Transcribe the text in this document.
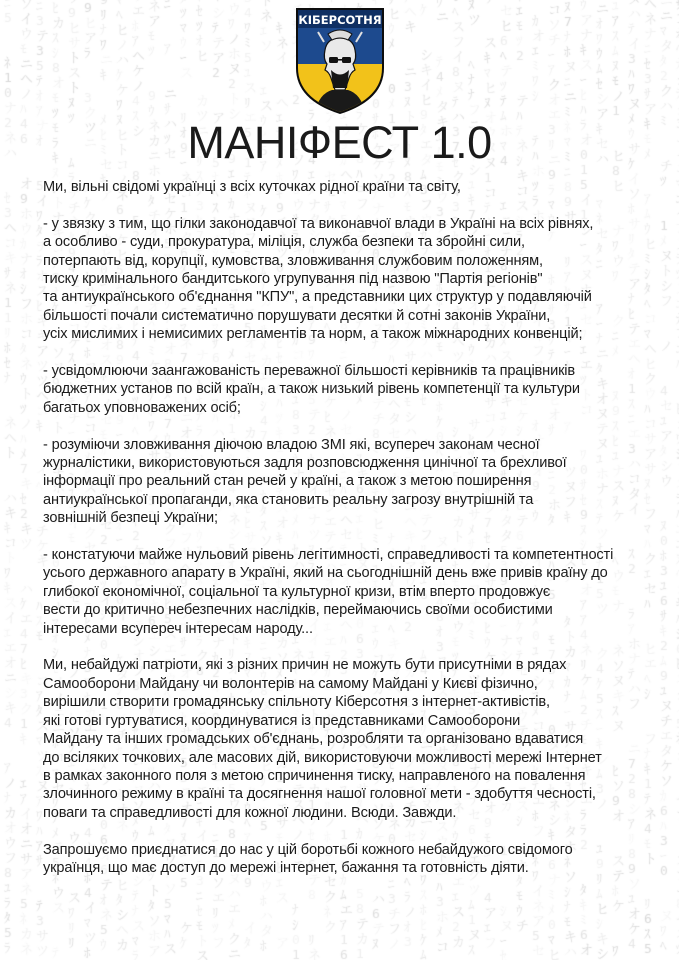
КІБЕРСОТНЯ
МАНІФЕСТ 1.0

Ми, вільні свідомі українці з всіх куточках рідної країни та світу,

- у звязку з тим, що гілки законодавчої та виконавчої влади в Україні на всіх рівнях,
а особливо - суди, прокуратура, міліція, служба безпеки та збройні сили,
потерпають від, корупції, кумовства, зловживання службовим положенням,
тиску кримінального бандитського угрупування під назвою "Партія регіонів"
та антиукраїнського об'єднання "КПУ", а представники цих структур у подавляючій
більшості почали систематично порушувати десятки й сотні законів України,
усіх мислимих і немисимих регламентів та норм, а також міжнародних конвенцій;

- усвідомлюючи заангажованість переважної більшості керівників та працівників
бюджетних установ по всій країн, а також низький рівень компетенції та культури
багатьох уповноважених осіб;

- розуміючи зловживання діючою владою ЗМІ які, всупереч законам чесної
журналістики, використовуються задля розповсюдження цинічної та брехливої
інформації про реальний стан речей у країні, а також з метою поширення
антиукраїнської пропаганди, яка становить реальну загрозу внутрішній та
зовнішній безпеці України;

- констатуючи майже нульовий рівень легітимності, справедливості та компетентності
усього державного апарату в Україні, який на сьогоднішній день вже привів країну до
глибокої економічної, соціальної та культурної кризи, втім вперто продовжує
вести до критично небезпечних наслідків, переймаючись своїми особистими
інтересами всупереч інтересам народу...

Ми, небайдужі патріоти, які з різних причин не можуть бути присутніми в рядах
Самооборони Майдану чи волонтерів на самому Майдані у Києві фізично,
вирішили створити громадянську спільноту Кіберсотня з інтернет-активістів,
які готові гуртуватися, координуватися із представниками Самооборони
Майдану та інших громадських об'єднань, розробляти та організовано вдаватися
до всіляких точкових, але масових дій, використовуючи можливості мережі Інтернет
в рамках законного поля з метою спричинення тиску, направленого на повалення
злочинного режиму в країні та досягнення нашої головної мети - здобуття чесності,
поваги та справедливості для кожної людини. Всюди. Завжди.

Запрошуємо приєднатися до нас у цій боротьбі кожного небайдужого свідомого
українця, що має доступ до мережі інтернет, бажання та готовність діяти.
